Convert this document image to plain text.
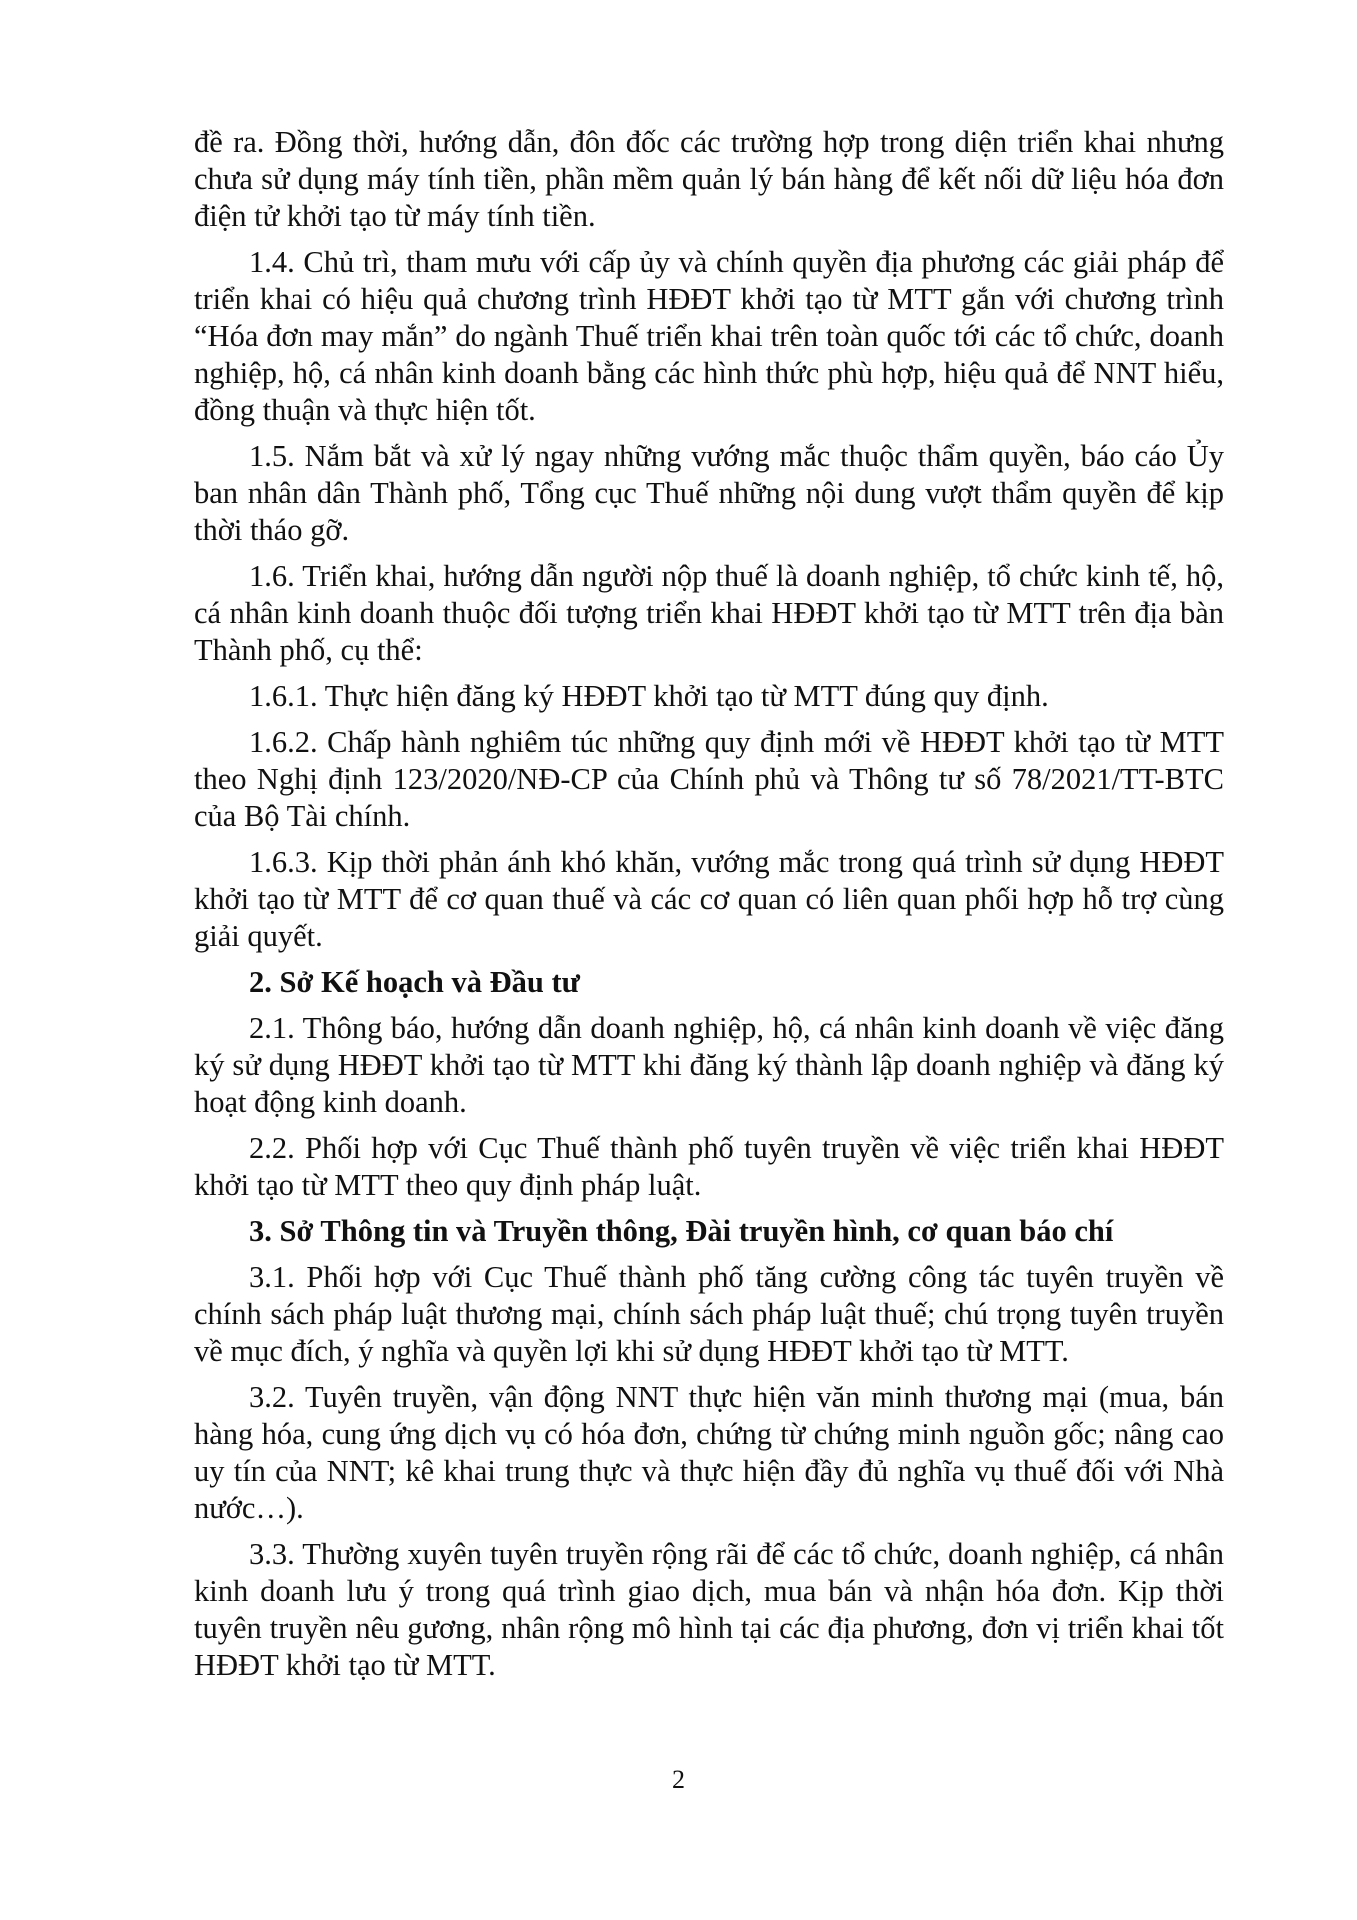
đề ra. Đồng thời, hướng dẫn, đôn đốc các trường hợp trong diện triển khai nhưng chưa sử dụng máy tính tiền, phần mềm quản lý bán hàng để kết nối dữ liệu hóa đơn điện tử khởi tạo từ máy tính tiền.

1.4. Chủ trì, tham mưu với cấp ủy và chính quyền địa phương các giải pháp để triển khai có hiệu quả chương trình HĐĐT khởi tạo từ MTT gắn với chương trình “Hóa đơn may mắn” do ngành Thuế triển khai trên toàn quốc tới các tổ chức, doanh nghiệp, hộ, cá nhân kinh doanh bằng các hình thức phù hợp, hiệu quả để NNT hiểu, đồng thuận và thực hiện tốt.

1.5. Nắm bắt và xử lý ngay những vướng mắc thuộc thẩm quyền, báo cáo Ủy ban nhân dân Thành phố, Tổng cục Thuế những nội dung vượt thẩm quyền để kịp thời tháo gỡ.

1.6. Triển khai, hướng dẫn người nộp thuế là doanh nghiệp, tổ chức kinh tế, hộ, cá nhân kinh doanh thuộc đối tượng triển khai HĐĐT khởi tạo từ MTT trên địa bàn Thành phố, cụ thể:

1.6.1. Thực hiện đăng ký HĐĐT khởi tạo từ MTT đúng quy định.

1.6.2. Chấp hành nghiêm túc những quy định mới về HĐĐT khởi tạo từ MTT theo Nghị định 123/2020/NĐ-CP của Chính phủ và Thông tư số 78/2021/TT-BTC của Bộ Tài chính.

1.6.3. Kịp thời phản ánh khó khăn, vướng mắc trong quá trình sử dụng HĐĐT khởi tạo từ MTT để cơ quan thuế và các cơ quan có liên quan phối hợp hỗ trợ cùng giải quyết.

2. Sở Kế hoạch và Đầu tư

2.1. Thông báo, hướng dẫn doanh nghiệp, hộ, cá nhân kinh doanh về việc đăng ký sử dụng HĐĐT khởi tạo từ MTT khi đăng ký thành lập doanh nghiệp và đăng ký hoạt động kinh doanh.

2.2. Phối hợp với Cục Thuế thành phố tuyên truyền về việc triển khai HĐĐT khởi tạo từ MTT theo quy định pháp luật.

3. Sở Thông tin và Truyền thông, Đài truyền hình, cơ quan báo chí

3.1. Phối hợp với Cục Thuế thành phố tăng cường công tác tuyên truyền về chính sách pháp luật thương mại, chính sách pháp luật thuế; chú trọng tuyên truyền về mục đích, ý nghĩa và quyền lợi khi sử dụng HĐĐT khởi tạo từ MTT.

3.2. Tuyên truyền, vận động NNT thực hiện văn minh thương mại (mua, bán hàng hóa, cung ứng dịch vụ có hóa đơn, chứng từ chứng minh nguồn gốc; nâng cao uy tín của NNT; kê khai trung thực và thực hiện đầy đủ nghĩa vụ thuế đối với Nhà nước…).

3.3. Thường xuyên tuyên truyền rộng rãi để các tổ chức, doanh nghiệp, cá nhân kinh doanh lưu ý trong quá trình giao dịch, mua bán và nhận hóa đơn. Kịp thời tuyên truyền nêu gương, nhân rộng mô hình tại các địa phương, đơn vị triển khai tốt HĐĐT khởi tạo từ MTT.

2
